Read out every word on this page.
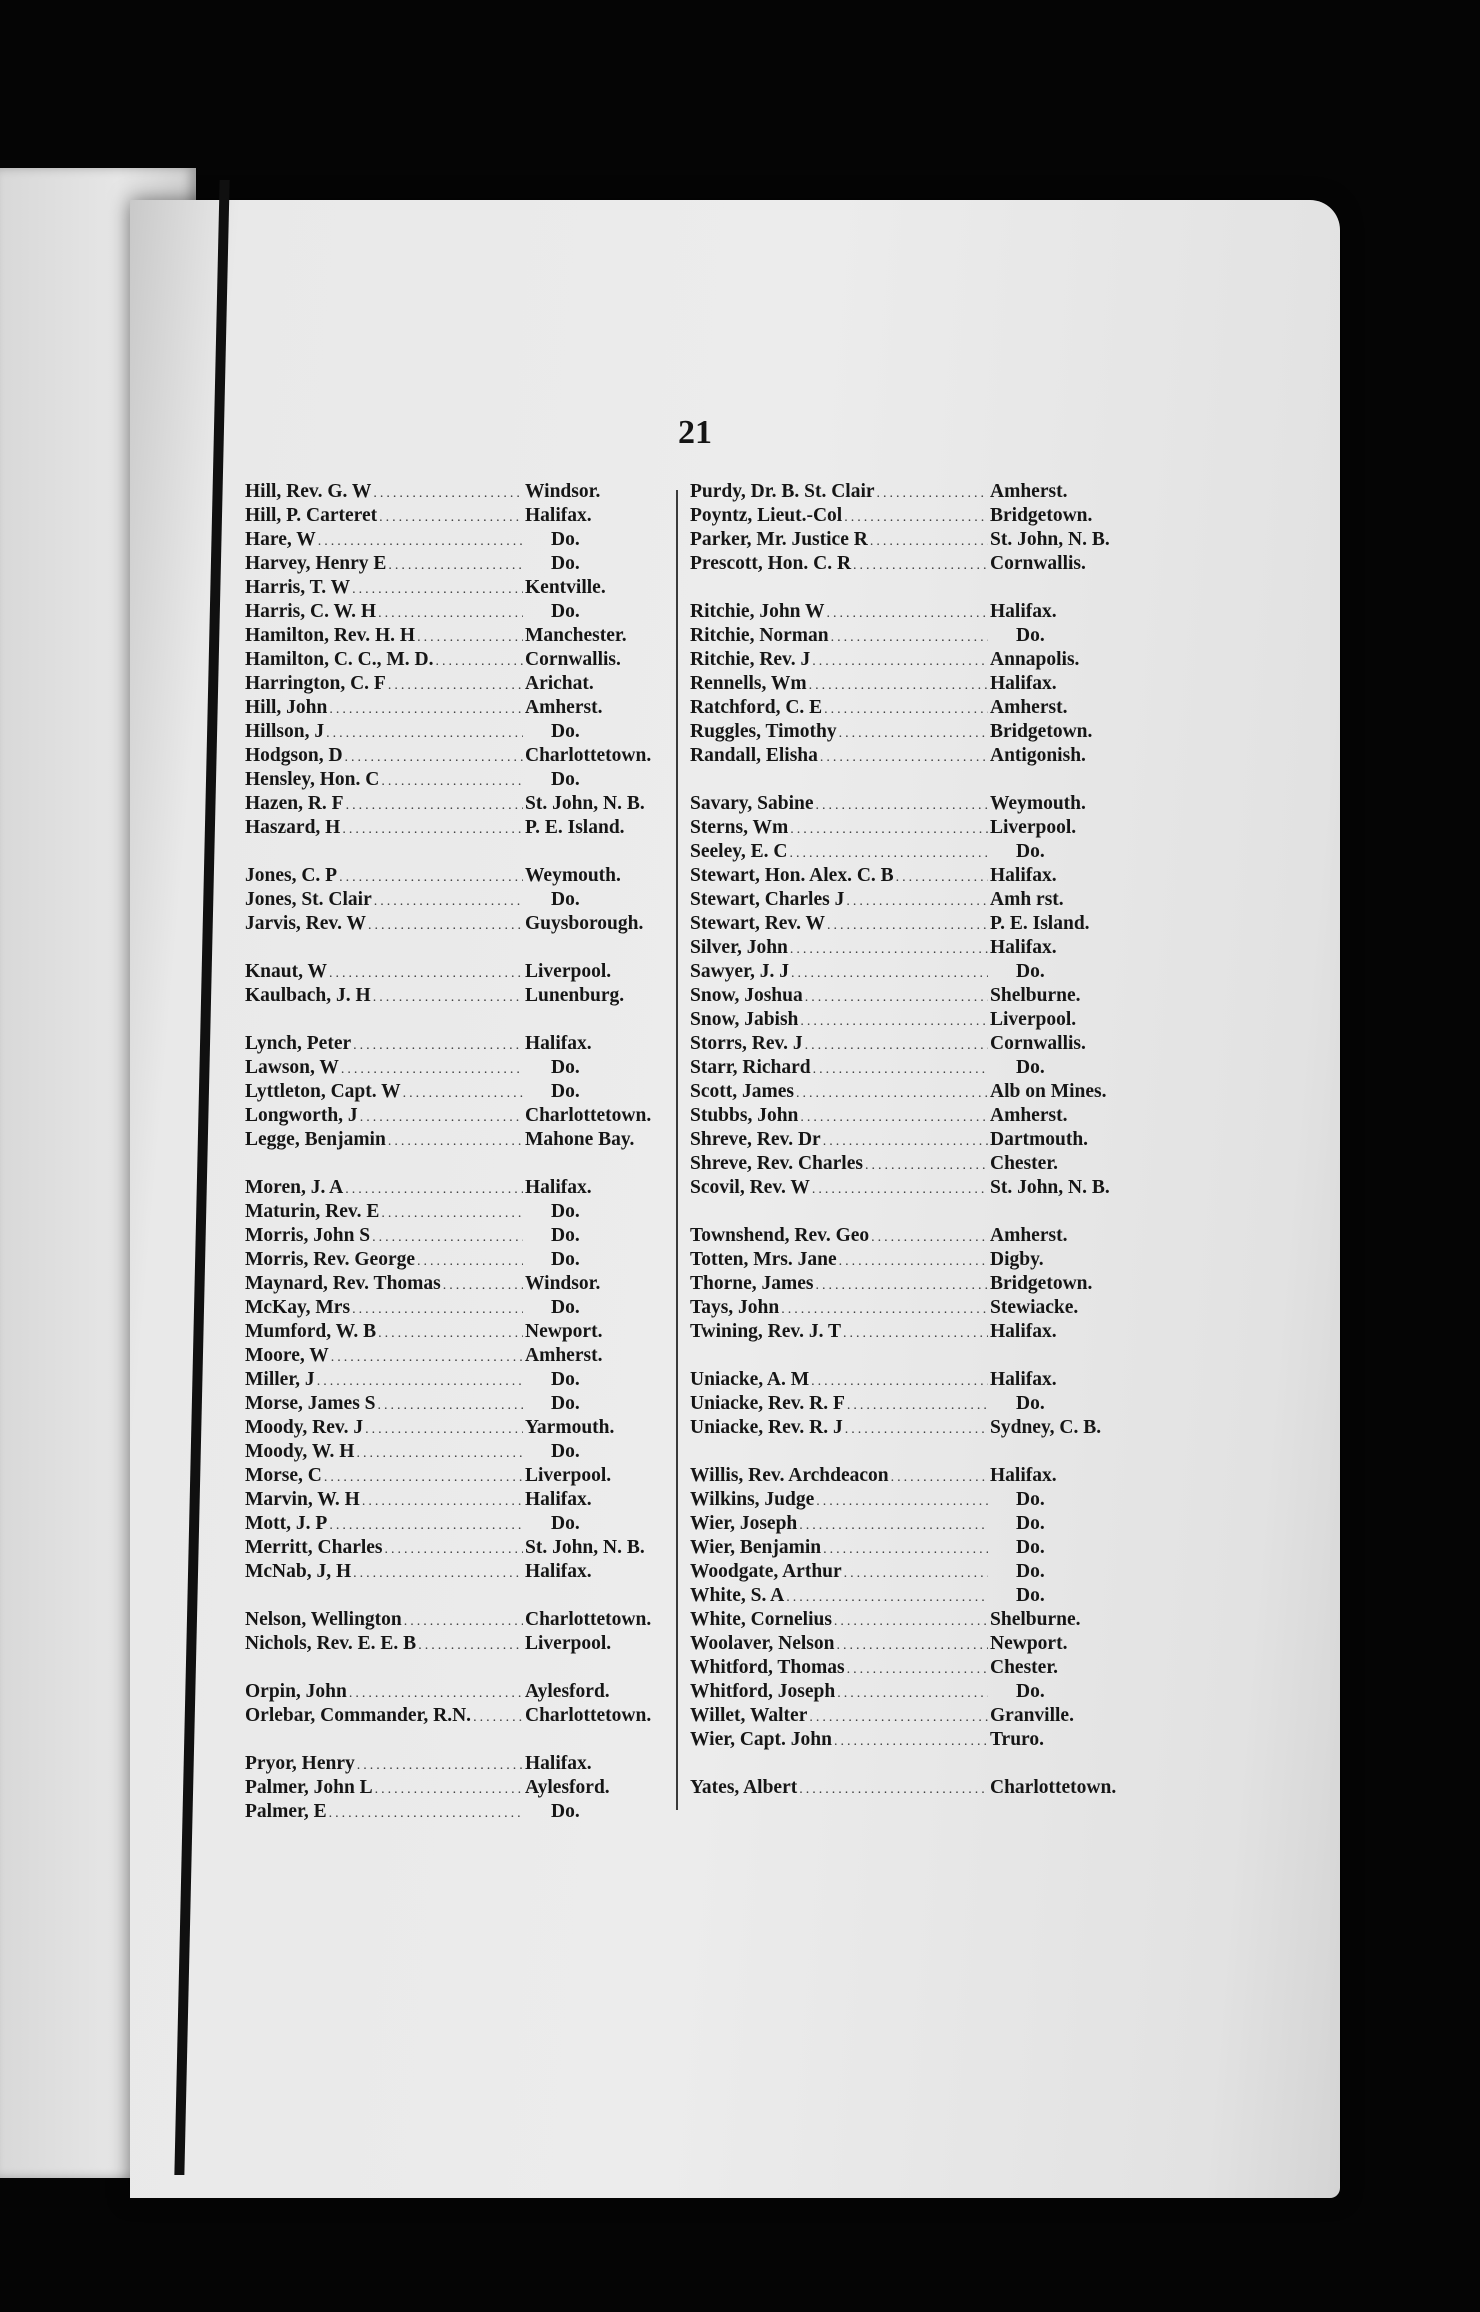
21
Hill, Rev. G. W .....	Windsor.
Hill, P. Carteret .....	Halifax.
Hare, W .....	Do.
Harvey, Henry E .....	Do.
Harris, T. W .....	Kentville.
Harris, C. W. H .....	Do.
Hamilton, Rev. H. H .....	Manchester.
Hamilton, C. C., M. D. .....	Cornwallis.
Harrington, C. F .....	Arichat.
Hill, John .....	Amherst.
Hillson, J .....	Do.
Hodgson, D .....	Charlottetown.
Hensley, Hon. C .....	Do.
Hazen, R. F .....	St. John, N. B.
Haszard, H .....	P. E. Island.
Jones, C. P .....	Weymouth.
Jones, St. Clair .....	Do.
Jarvis, Rev. W .....	Guysborough.
Knaut, W .....	Liverpool.
Kaulbach, J. H .....	Lunenburg.
Lynch, Peter .....	Halifax.
Lawson, W .....	Do.
Lyttleton, Capt. W .....	Do.
Longworth, J .....	Charlottetown.
Legge, Benjamin .....	Mahone Bay.
Moren, J. A .....	Halifax.
Maturin, Rev. E .....	Do.
Morris, John S .....	Do.
Morris, Rev. George .....	Do.
Maynard, Rev. Thomas .....	Windsor.
McKay, Mrs .....	Do.
Mumford, W. B .....	Newport.
Moore, W .....	Amherst.
Miller, J .....	Do.
Morse, James S .....	Do.
Moody, Rev. J .....	Yarmouth.
Moody, W. H .....	Do.
Morse, C .....	Liverpool.
Marvin, W. H .....	Halifax.
Mott, J. P .....	Do.
Merritt, Charles .....	St. John, N. B.
McNab, J, H .....	Halifax.
Nelson, Wellington .....	Charlottetown.
Nichols, Rev. E. E. B .....	Liverpool.
Orpin, John .....	Aylesford.
Orlebar, Commander, R.N. .....	Charlottetown.
Pryor, Henry .....	Halifax.
Palmer, John L .....	Aylesford.
Palmer, E .....	Do.
Purdy, Dr. B. St. Clair .....	Amherst.
Poyntz, Lieut.-Col .....	Bridgetown.
Parker, Mr. Justice R .....	St. John, N. B.
Prescott, Hon. C. R .....	Cornwallis.
Ritchie, John W .....	Halifax.
Ritchie, Norman .....	Do.
Ritchie, Rev. J .....	Annapolis.
Rennells, Wm .....	Halifax.
Ratchford, C. E .....	Amherst.
Ruggles, Timothy .....	Bridgetown.
Randall, Elisha .....	Antigonish.
Savary, Sabine .....	Weymouth.
Sterns, Wm .....	Liverpool.
Seeley, E. C .....	Do.
Stewart, Hon. Alex. C. B .....	Halifax.
Stewart, Charles J .....	Amh rst.
Stewart, Rev. W .....	P. E. Island.
Silver, John .....	Halifax.
Sawyer, J. J .....	Do.
Snow, Joshua .....	Shelburne.
Snow, Jabish .....	Liverpool.
Storrs, Rev. J .....	Cornwallis.
Starr, Richard .....	Do.
Scott, James .....	Alb on Mines.
Stubbs, John .....	Amherst.
Shreve, Rev. Dr .....	Dartmouth.
Shreve, Rev. Charles .....	Chester.
Scovil, Rev. W .....	St. John, N. B.
Townshend, Rev. Geo .....	Amherst.
Totten, Mrs. Jane .....	Digby.
Thorne, James .....	Bridgetown.
Tays, John .....	Stewiacke.
Twining, Rev. J. T .....	Halifax.
Uniacke, A. M .....	Halifax.
Uniacke, Rev. R. F .....	Do.
Uniacke, Rev. R. J .....	Sydney, C. B.
Willis, Rev. Archdeacon .....	Halifax.
Wilkins, Judge .....	Do.
Wier, Joseph .....	Do.
Wier, Benjamin .....	Do.
Woodgate, Arthur .....	Do.
White, S. A .....	Do.
White, Cornelius .....	Shelburne.
Woolaver, Nelson .....	Newport.
Whitford, Thomas .....	Chester.
Whitford, Joseph .....	Do.
Willet, Walter .....	Granville.
Wier, Capt. John .....	Truro.
Yates, Albert .....	Charlottetown.
